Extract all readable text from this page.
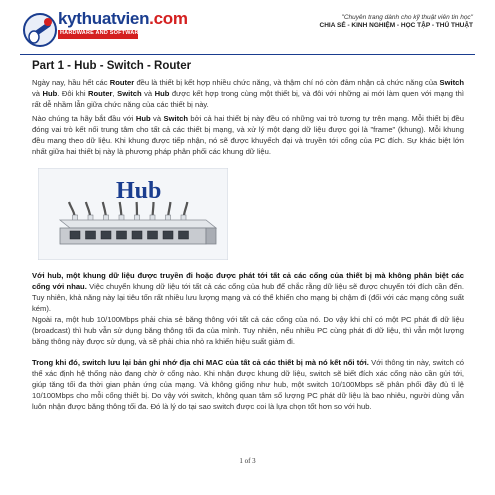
kythuatvien.com
HARDWARE AND SOFTWARE
"Chuyên trang dành cho kỹ thuật viên tin học"
CHIA SẺ - KINH NGHIỆM - HỌC TẬP - THỦ THUẬT
Part 1 - Hub - Switch - Router

Ngày nay, hầu hết các Router đều là thiết bị kết hợp nhiều chức năng, và thậm chí nó còn đảm nhận cả chức năng của Switch và Hub. Đôi khi Router, Switch và Hub được kết hợp trong cùng một thiết bị, và đôi với những ai mới làm quen với mạng thì rất dễ nhầm lẫn giữa chức năng của các thiết bị này.

Nào chúng ta hãy bắt đầu với Hub và Switch bởi cả hai thiết bị này đều có những vai trò tương tự trên mạng. Mỗi thiết bị đều đóng vai trò kết nối trung tâm cho tất cả các thiết bị mạng, và xử lý một dạng dữ liệu được gọi là "frame" (khung). Mỗi khung đều mang theo dữ liệu. Khi khung được tiếp nhận, nó sẽ được khuyếch đại và truyền tới cổng của PC đích. Sự khác biệt lớn nhất giữa hai thiết bị này là phương pháp phân phối các khung dữ liệu.

Hub

Với hub, một khung dữ liệu được truyền đi hoặc được phát tới tất cả các cổng của thiết bị mà không phân biệt các cổng với nhau. Việc chuyển khung dữ liệu tới tất cả các cổng của hub để chắc rằng dữ liệu sẽ được chuyển tới đích cần đến. Tuy nhiên, khả năng này lại tiêu tốn rất nhiều lưu lượng mạng và có thể khiến cho mạng bị chậm đi (đối với các mạng công suất kém).

Ngoài ra, một hub 10/100Mbps phải chia sẻ băng thông với tất cả các cổng của nó. Do vậy khi chỉ có một PC phát đi dữ liệu (broadcast) thì hub vẫn sử dụng băng thông tối đa của mình. Tuy nhiên, nếu nhiều PC cùng phát đi dữ liệu, thì vẫn một lượng băng thông này được sử dụng, và sẽ phải chia nhỏ ra khiến hiệu suất giảm đi.

Trong khi đó, switch lưu lại bản ghi nhớ địa chỉ MAC của tất cả các thiết bị mà nó kết nối tới. Với thông tin này, switch có thể xác định hệ thống nào đang chờ ở cổng nào. Khi nhận được khung dữ liệu, switch sẽ biết đích xác cổng nào cần gửi tới, giúp tăng tối đa thời gian phản ứng của mạng. Và không giống như hub, một switch 10/100Mbps sẽ phân phối đầy đủ tỉ lệ 10/100Mbps cho mỗi cổng thiết bị. Do vậy với switch, không quan tâm số lượng PC phát dữ liệu là bao nhiêu, người dùng vẫn luôn nhận được băng thông tối đa. Đó là lý do tại sao switch được coi là lựa chọn tốt hơn so với hub.

1 of 3
